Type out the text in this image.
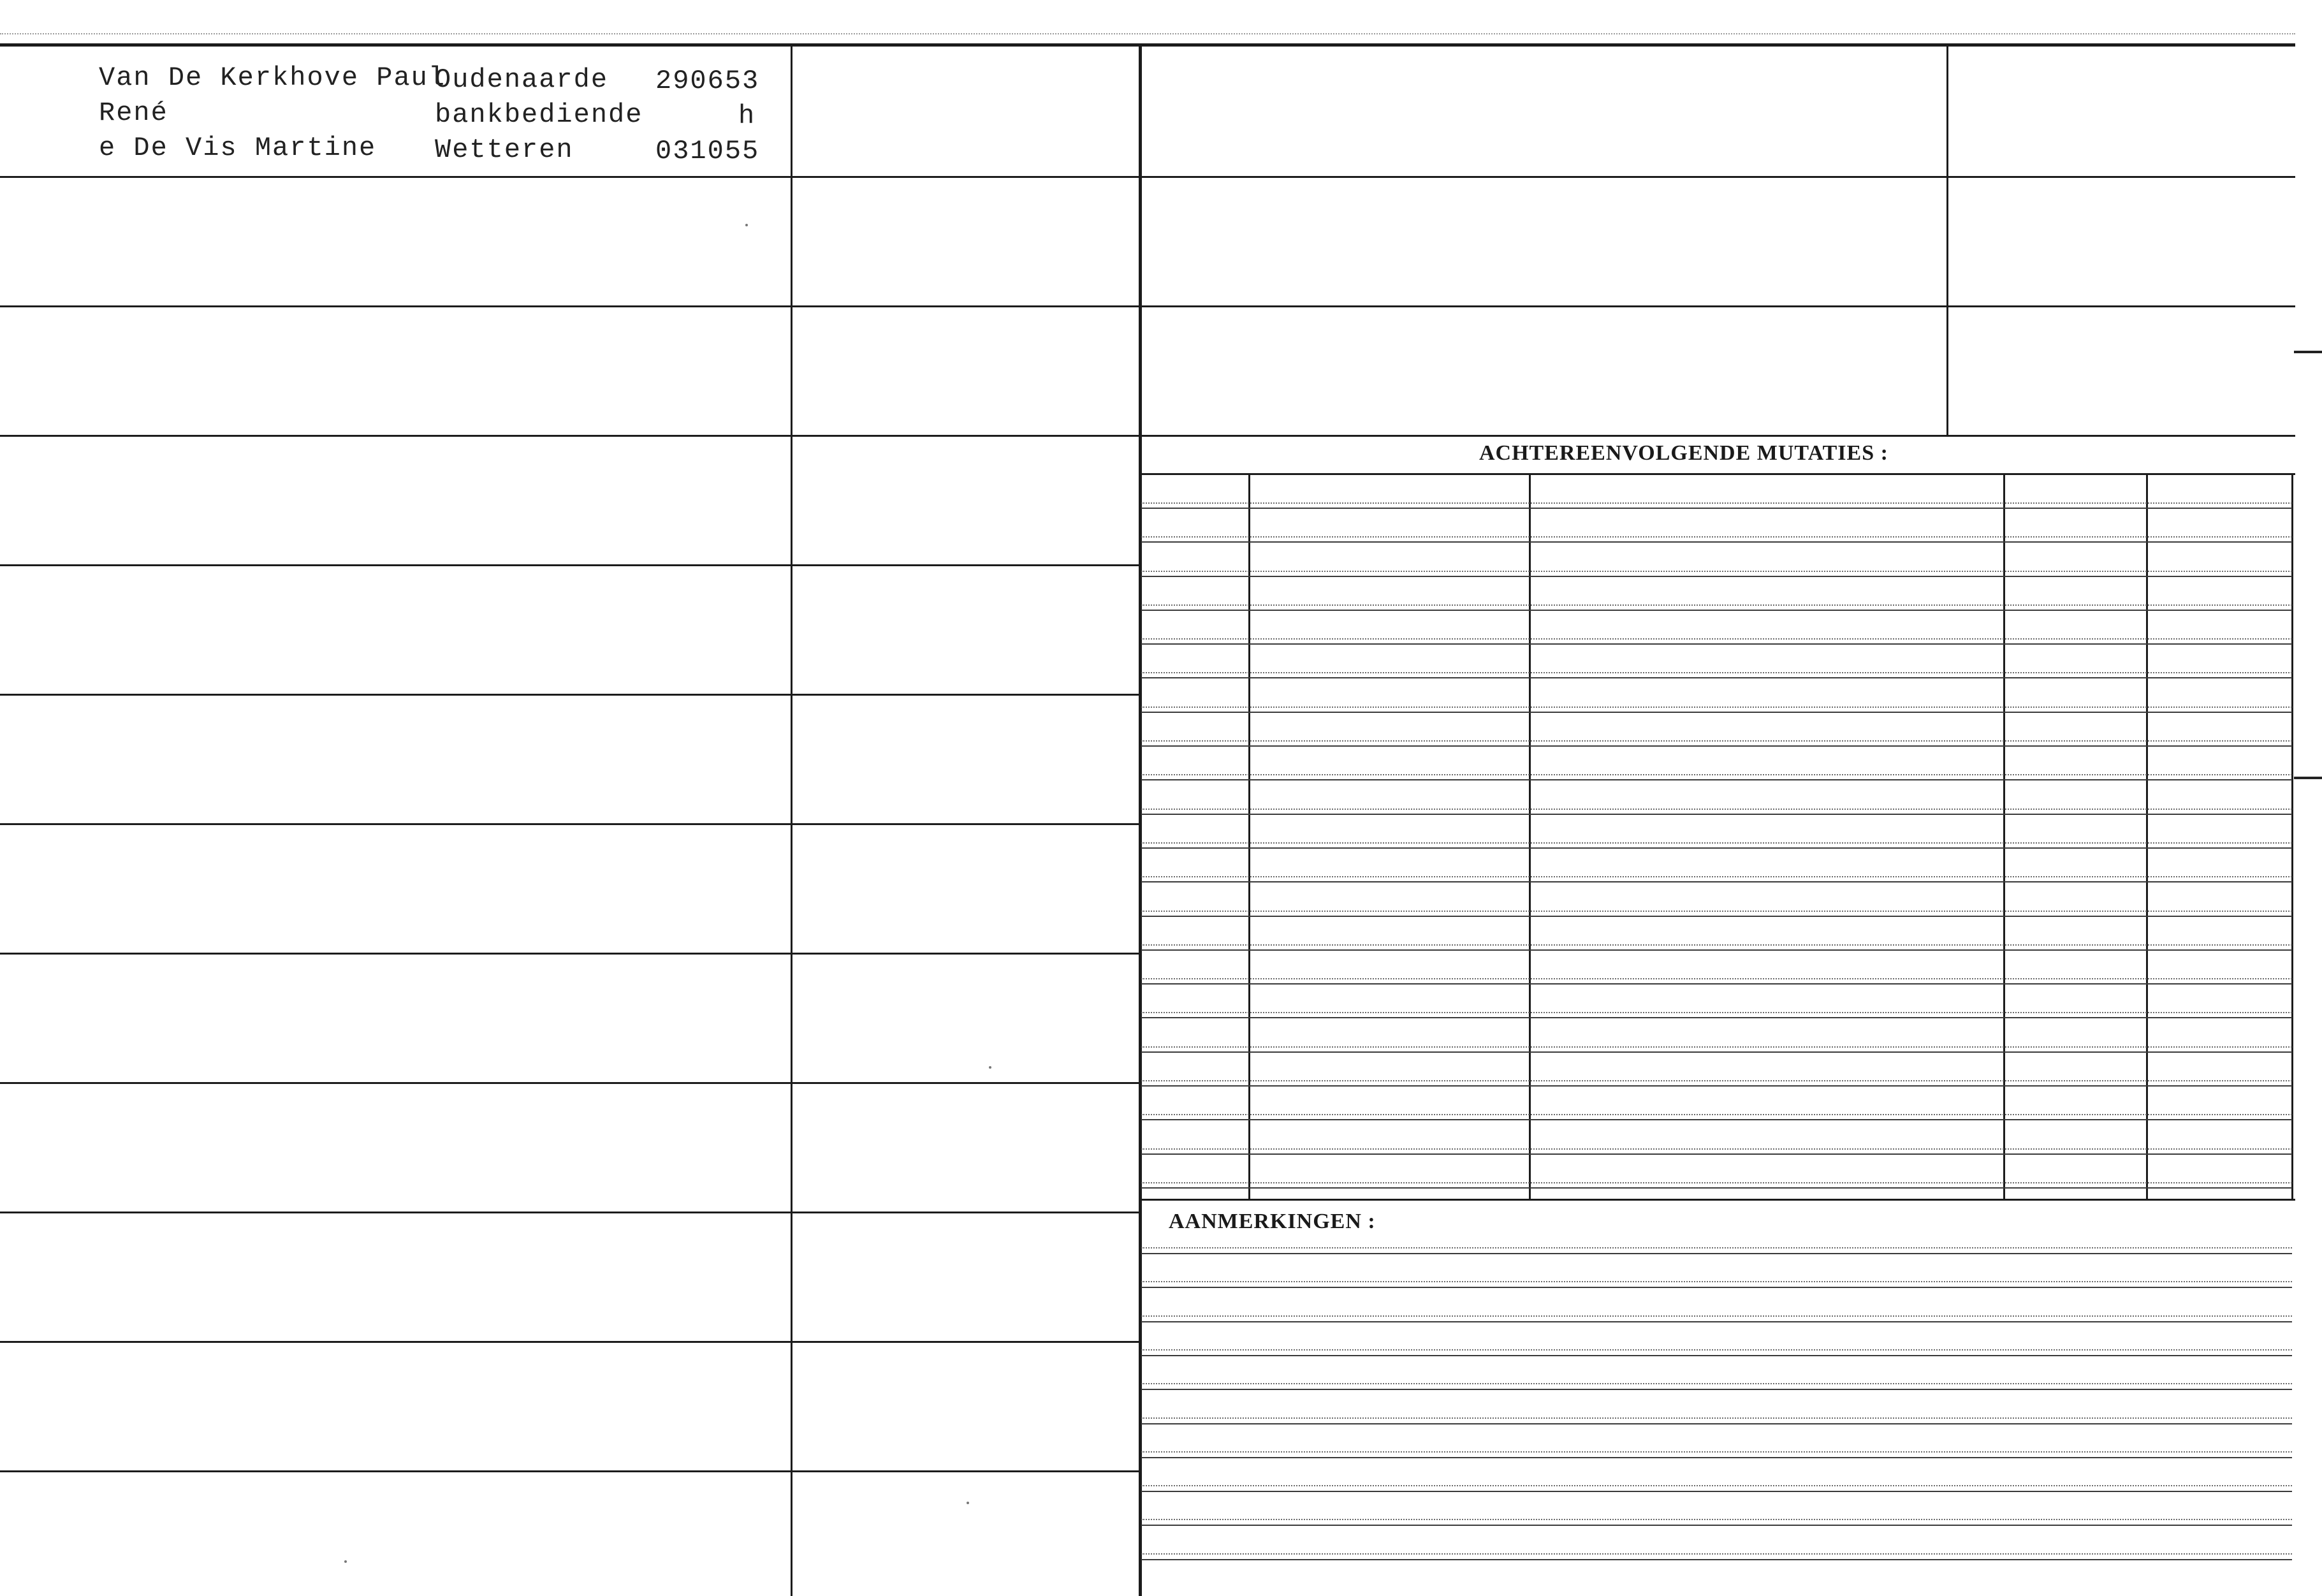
Van De Kerkhove Paul
René
e De Vis Martine
Oudenaarde
bankbediende
Wetteren
290653
h
031055
ACHTEREENVOLGENDE MUTATIES :
AANMERKINGEN :
